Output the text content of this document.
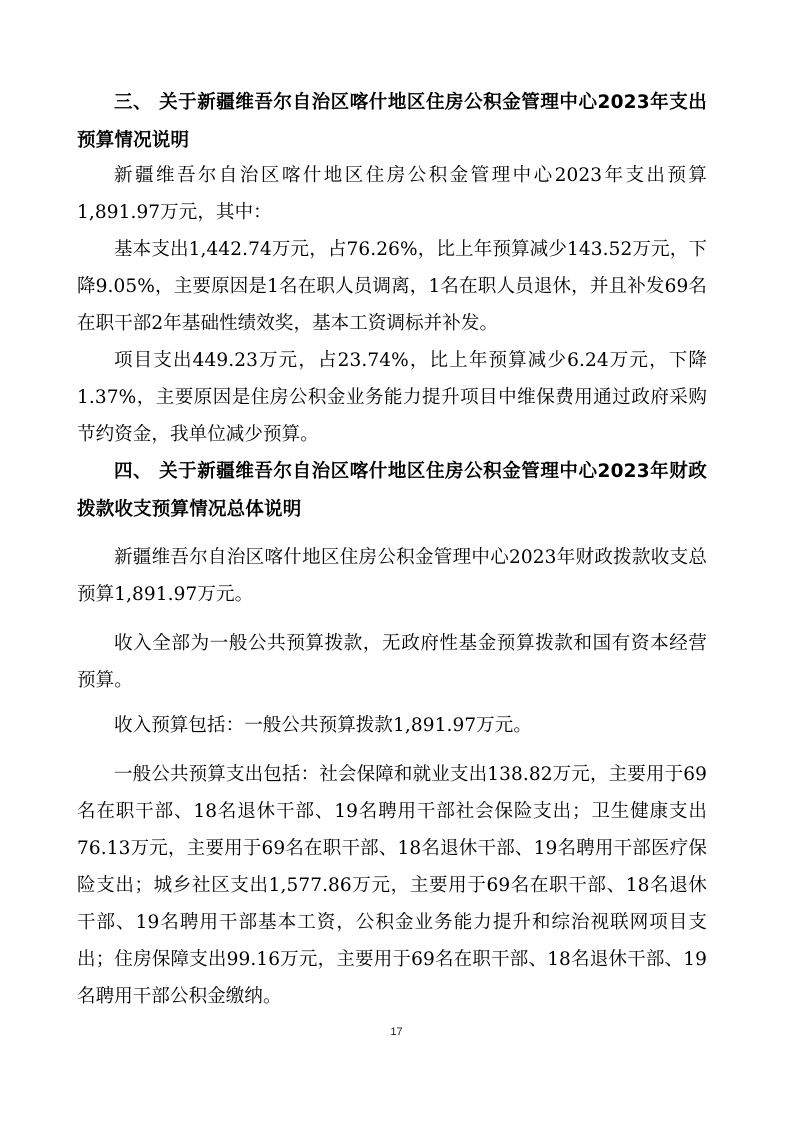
三、 关于新疆维吾尔自治区喀什地区住房公积金管理中心2023年支出预算情况说明

新疆维吾尔自治区喀什地区住房公积金管理中心2023年支出预算1,891.97万元，其中：

基本支出1,442.74万元，占76.26%，比上年预算减少143.52万元，下降9.05%，主要原因是1名在职人员调离，1名在职人员退休，并且补发69名在职干部2年基础性绩效奖，基本工资调标并补发。

项目支出449.23万元，占23.74%，比上年预算减少6.24万元，下降1.37%，主要原因是住房公积金业务能力提升项目中维保费用通过政府采购节约资金，我单位减少预算。

四、 关于新疆维吾尔自治区喀什地区住房公积金管理中心2023年财政拨款收支预算情况总体说明

新疆维吾尔自治区喀什地区住房公积金管理中心2023年财政拨款收支总预算1,891.97万元。

收入全部为一般公共预算拨款，无政府性基金预算拨款和国有资本经营预算。

收入预算包括：一般公共预算拨款1,891.97万元。

一般公共预算支出包括：社会保障和就业支出138.82万元，主要用于69名在职干部、18名退休干部、19名聘用干部社会保险支出；卫生健康支出76.13万元，主要用于69名在职干部、18名退休干部、19名聘用干部医疗保险支出；城乡社区支出1,577.86万元，主要用于69名在职干部、18名退休干部、19名聘用干部基本工资，公积金业务能力提升和综治视联网项目支出；住房保障支出99.16万元，主要用于69名在职干部、18名退休干部、19名聘用干部公积金缴纳。

17
